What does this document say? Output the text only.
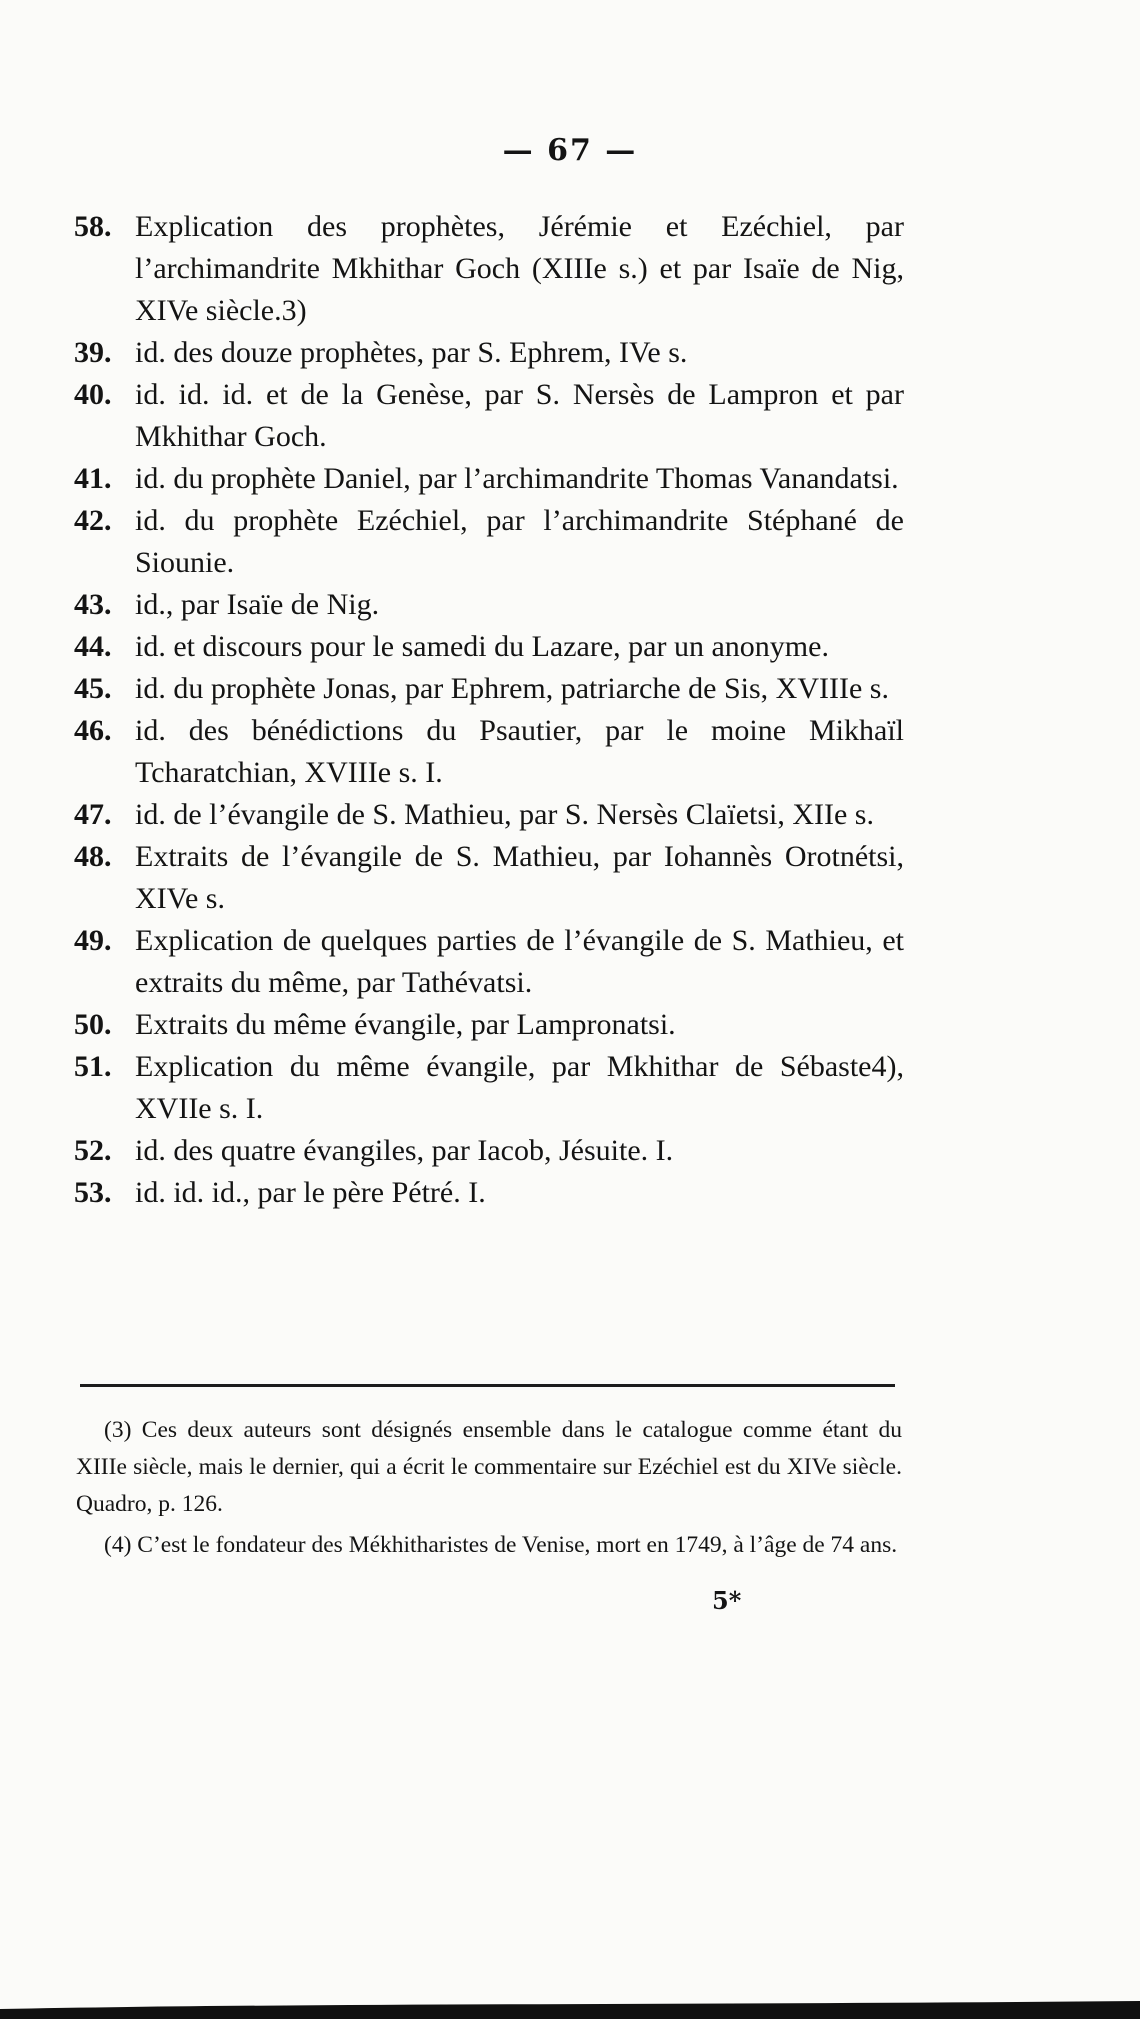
— 67 —
58. Explication des prophètes, Jérémie et Ezéchiel, par l’archimandrite Mkhithar Goch (XIIIe s.) et par Isaïe de Nig, XIVe siècle.3)
39. id. des douze prophètes, par S. Ephrem, IVe s.
40. id. id. id. et de la Genèse, par S. Nersès de Lampron et par Mkhithar Goch.
41. id. du prophète Daniel, par l’archimandrite Thomas Vanandatsi.
42. id. du prophète Ezéchiel, par l’archimandrite Stéphané de Siounie.
43. id., par Isaïe de Nig.
44. id. et discours pour le samedi du Lazare, par un anonyme.
45. id. du prophète Jonas, par Ephrem, patriarche de Sis, XVIIIe s.
46. id. des bénédictions du Psautier, par le moine Mikhaïl Tcharatchian, XVIIIe s. I.
47. id. de l’évangile de S. Mathieu, par S. Nersès Claïetsi, XIIe s.
48. Extraits de l’évangile de S. Mathieu, par Iohannès Orotnétsi, XIVe s.
49. Explication de quelques parties de l’évangile de S. Mathieu, et extraits du même, par Tathévatsi.
50. Extraits du même évangile, par Lampronatsi.
51. Explication du même évangile, par Mkhithar de Sébaste4), XVIIe s. I.
52. id. des quatre évangiles, par Iacob, Jésuite. I.
53. id. id. id., par le père Pétré. I.

(3) Ces deux auteurs sont désignés ensemble dans le catalogue comme étant du XIIIe siècle, mais le dernier, qui a écrit le commentaire sur Ezéchiel est du XIVe siècle. Quadro, p. 126.

(4) C’est le fondateur des Mékhitharistes de Venise, mort en 1749, à l’âge de 74 ans.

5*
